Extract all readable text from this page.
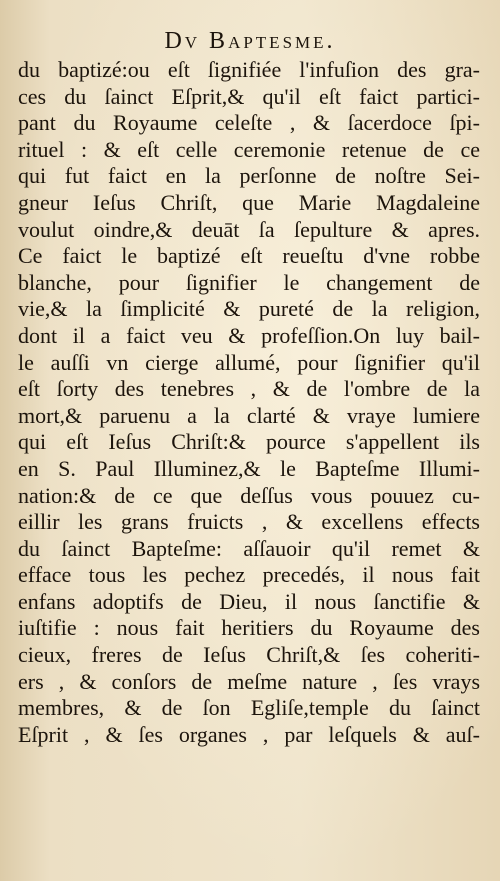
Dv Baptesme.
du baptizé:ou eſt ſignifiée l'infuſion des gra-
ces du ſainct Eſprit,& qu'il eſt faict partici-
pant du Royaume celeſte , & ſacerdoce ſpi-
rituel : & eſt celle ceremonie retenue de ce
qui fut faict en la perſonne de noſtre Sei-
gneur Ieſus Chriſt, que Marie Magdaleine
voulut oindre,& deuāt ſa ſepulture & apres.
Ce faict le baptizé eſt reueſtu d'vne robbe
blanche, pour ſignifier le changement de
vie,& la ſimplicité & pureté de la religion,
dont il a faict veu & profeſſion.On luy bail-
le auſſi vn cierge allumé, pour ſignifier qu'il
eſt ſorty des tenebres , & de l'ombre de la
mort,& paruenu a la clarté & vraye lumiere
qui eſt Ieſus Chriſt:& pource s'appellent ils
en S. Paul Illuminez,& le Bapteſme Illumi-
nation:& de ce que deſſus vous pouuez cu-
eillir les grans fruicts , & excellens effects
du ſainct Bapteſme: aſſauoir qu'il remet &
efface tous les pechez precedés, il nous fait
enfans adoptifs de Dieu, il nous ſanctifie &
iuſtifie : nous fait heritiers du Royaume des
cieux, freres de Ieſus Chriſt,& ſes coheriti-
ers , & conſors de meſme nature , ſes vrays
membres, & de ſon Egliſe,temple du ſainct
Eſprit , & ſes organes , par leſquels & auſ-
